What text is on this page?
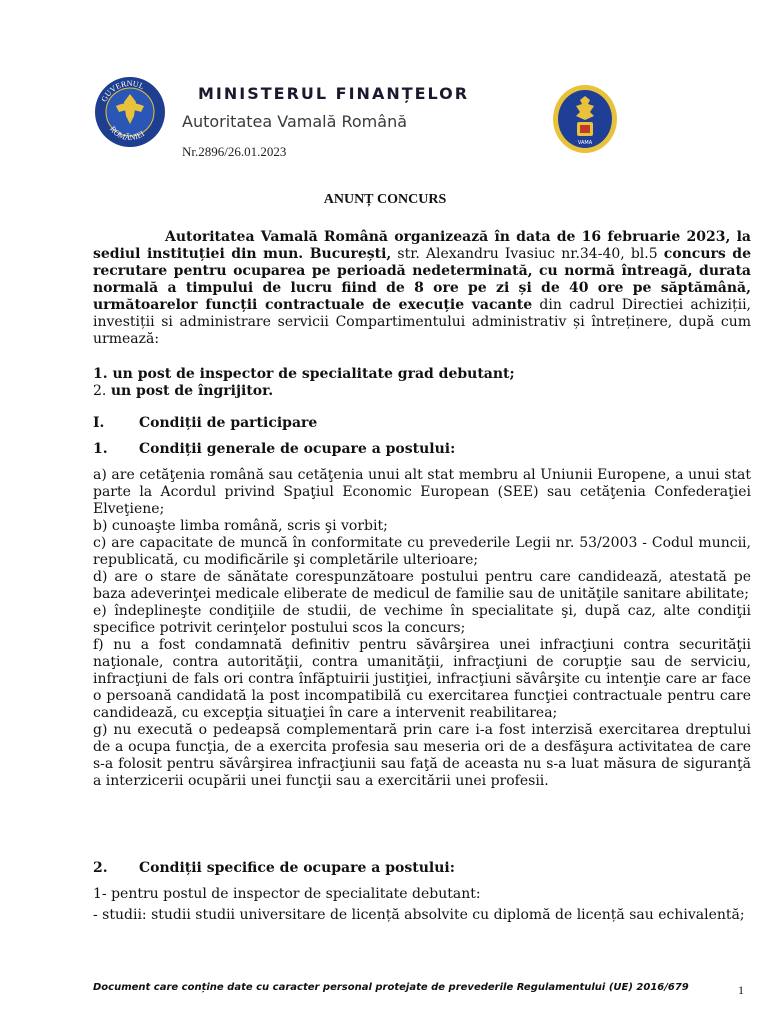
GUVERNUL
ROMÂNIEI
MINISTERUL FINANȚELOR
Autoritatea Vamală Română
Nr.2896/26.01.2023
VAMA
ANUNȚ CONCURS
Autoritatea Vamală Română organizează în data de 16 februarie 2023, la sediul instituției din mun. București, str. Alexandru Ivasiuc nr.34-40, bl.5 concurs de recrutare pentru ocuparea pe perioadă nedeterminată, cu normă întreagă, durata normală a timpului de lucru fiind de 8 ore pe zi și de 40 ore pe săptămână, următoarelor funcții contractuale de execuție vacante din cadrul Directiei achiziții, investiții si administrare servicii Compartimentului administrativ și întreținere, după cum urmează:
1. un post de inspector de specialitate grad debutant;
2. un post de îngrijitor.
I. Condiții de participare
1. Condiții generale de ocupare a postului:
a) are cetăţenia română sau cetăţenia unui alt stat membru al Uniunii Europene, a unui stat parte la Acordul privind Spaţiul Economic European (SEE) sau cetăţenia Confederaţiei Elveţiene;
b) cunoaşte limba română, scris şi vorbit;
c) are capacitate de muncă în conformitate cu prevederile Legii nr. 53/2003 - Codul muncii, republicată, cu modificările şi completările ulterioare;
d) are o stare de sănătate corespunzătoare postului pentru care candidează, atestată pe baza adeverinţei medicale eliberate de medicul de familie sau de unităţile sanitare abilitate;
e) îndeplineşte condiţiile de studii, de vechime în specialitate şi, după caz, alte condiţii specifice potrivit cerinţelor postului scos la concurs;
f) nu a fost condamnată definitiv pentru săvârşirea unei infracţiuni contra securităţii naţionale, contra autorităţii, contra umanităţii, infracţiuni de corupţie sau de serviciu, infracţiuni de fals ori contra înfăptuirii justiţiei, infracţiuni săvârşite cu intenţie care ar face o persoană candidată la post incompatibilă cu exercitarea funcţiei contractuale pentru care candidează, cu excepţia situaţiei în care a intervenit reabilitarea;
g) nu execută o pedeapsă complementară prin care i-a fost interzisă exercitarea dreptului de a ocupa funcţia, de a exercita profesia sau meseria ori de a desfăşura activitatea de care s-a folosit pentru săvârşirea infracţiunii sau faţă de aceasta nu s-a luat măsura de siguranţă a interzicerii ocupării unei funcţii sau a exercitării unei profesii.
2. Condiții specifice de ocupare a postului:

1- pentru postul de inspector de specialitate debutant:

- studii: studii studii universitare de licență absolvite cu diplomă de licență sau echivalentă;

Document care conține date cu caracter personal protejate de prevederile Regulamentului (UE) 2016/679	1
